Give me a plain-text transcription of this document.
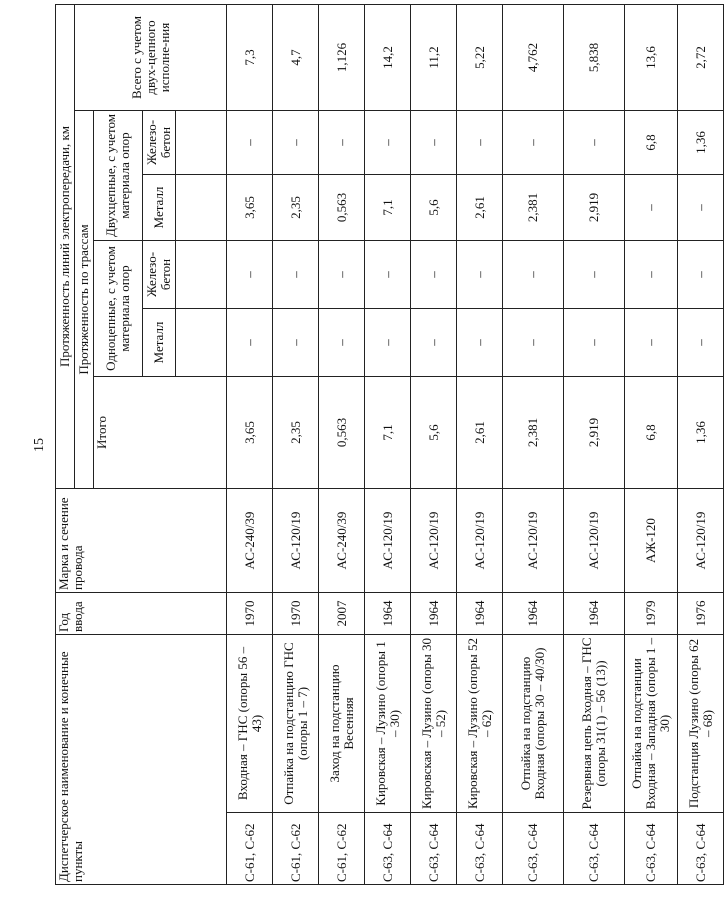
15
Диспетчерское наименование и конечные пункты		Год ввода	Марка и сечение провода	Протяженность линий электропередачи, км					
				Протяженность по трассам					Всего с учетом двух-цепного исполне-ния
				Итого	Одноцепные, с учетом материала опор		Двухцепные, с учетом материала опор		
					Металл	Железо-бетон	Металл	Железо-бетон	

С-61, С-62	Входная – ГНС (опоры 56 – 43)	1970	АС-240/39	3,65	–	–	3,65	–	7,3
С-61, С-62	Отпайка на подстанцию ГНС (опоры 1 – 7)	1970	АС-120/19	2,35	–	–	2,35	–	4,7
С-61, С-62	Заход на подстанцию Весенняя	2007	АС-240/39	0,563	–	–	0,563	–	1,126
С-63, С-64	Кировская – Лузино (опоры 1 – 30)	1964	АС-120/19	7,1	–	–	7,1	–	14,2
С-63, С-64	Кировская – Лузино (опоры 30 – 52)	1964	АС-120/19	5,6	–	–	5,6	–	11,2
С-63, С-64	Кировская – Лузино (опоры 52 – 62)	1964	АС-120/19	2,61	–	–	2,61	–	5,22
С-63, С-64	Отпайка на подстанцию Входная (опоры 30 – 40/30)	1964	АС-120/19	2,381	–	–	2,381	–	4,762
С-63, С-64	Резервная цепь Входная – ГНС (опоры 31(1) – 56 (13))	1964	АС-120/19	2,919	–	–	2,919	–	5,838
С-63, С-64	Отпайка на подстанции Входная – Западная (опоры 1 – 30)	1979	АЖ-120	6,8	–	–	–	6,8	13,6
С-63, С-64	Подстанция Лузино (опоры 62 – 68)	1976	АС-120/19	1,36	–	–	–	1,36	2,72
